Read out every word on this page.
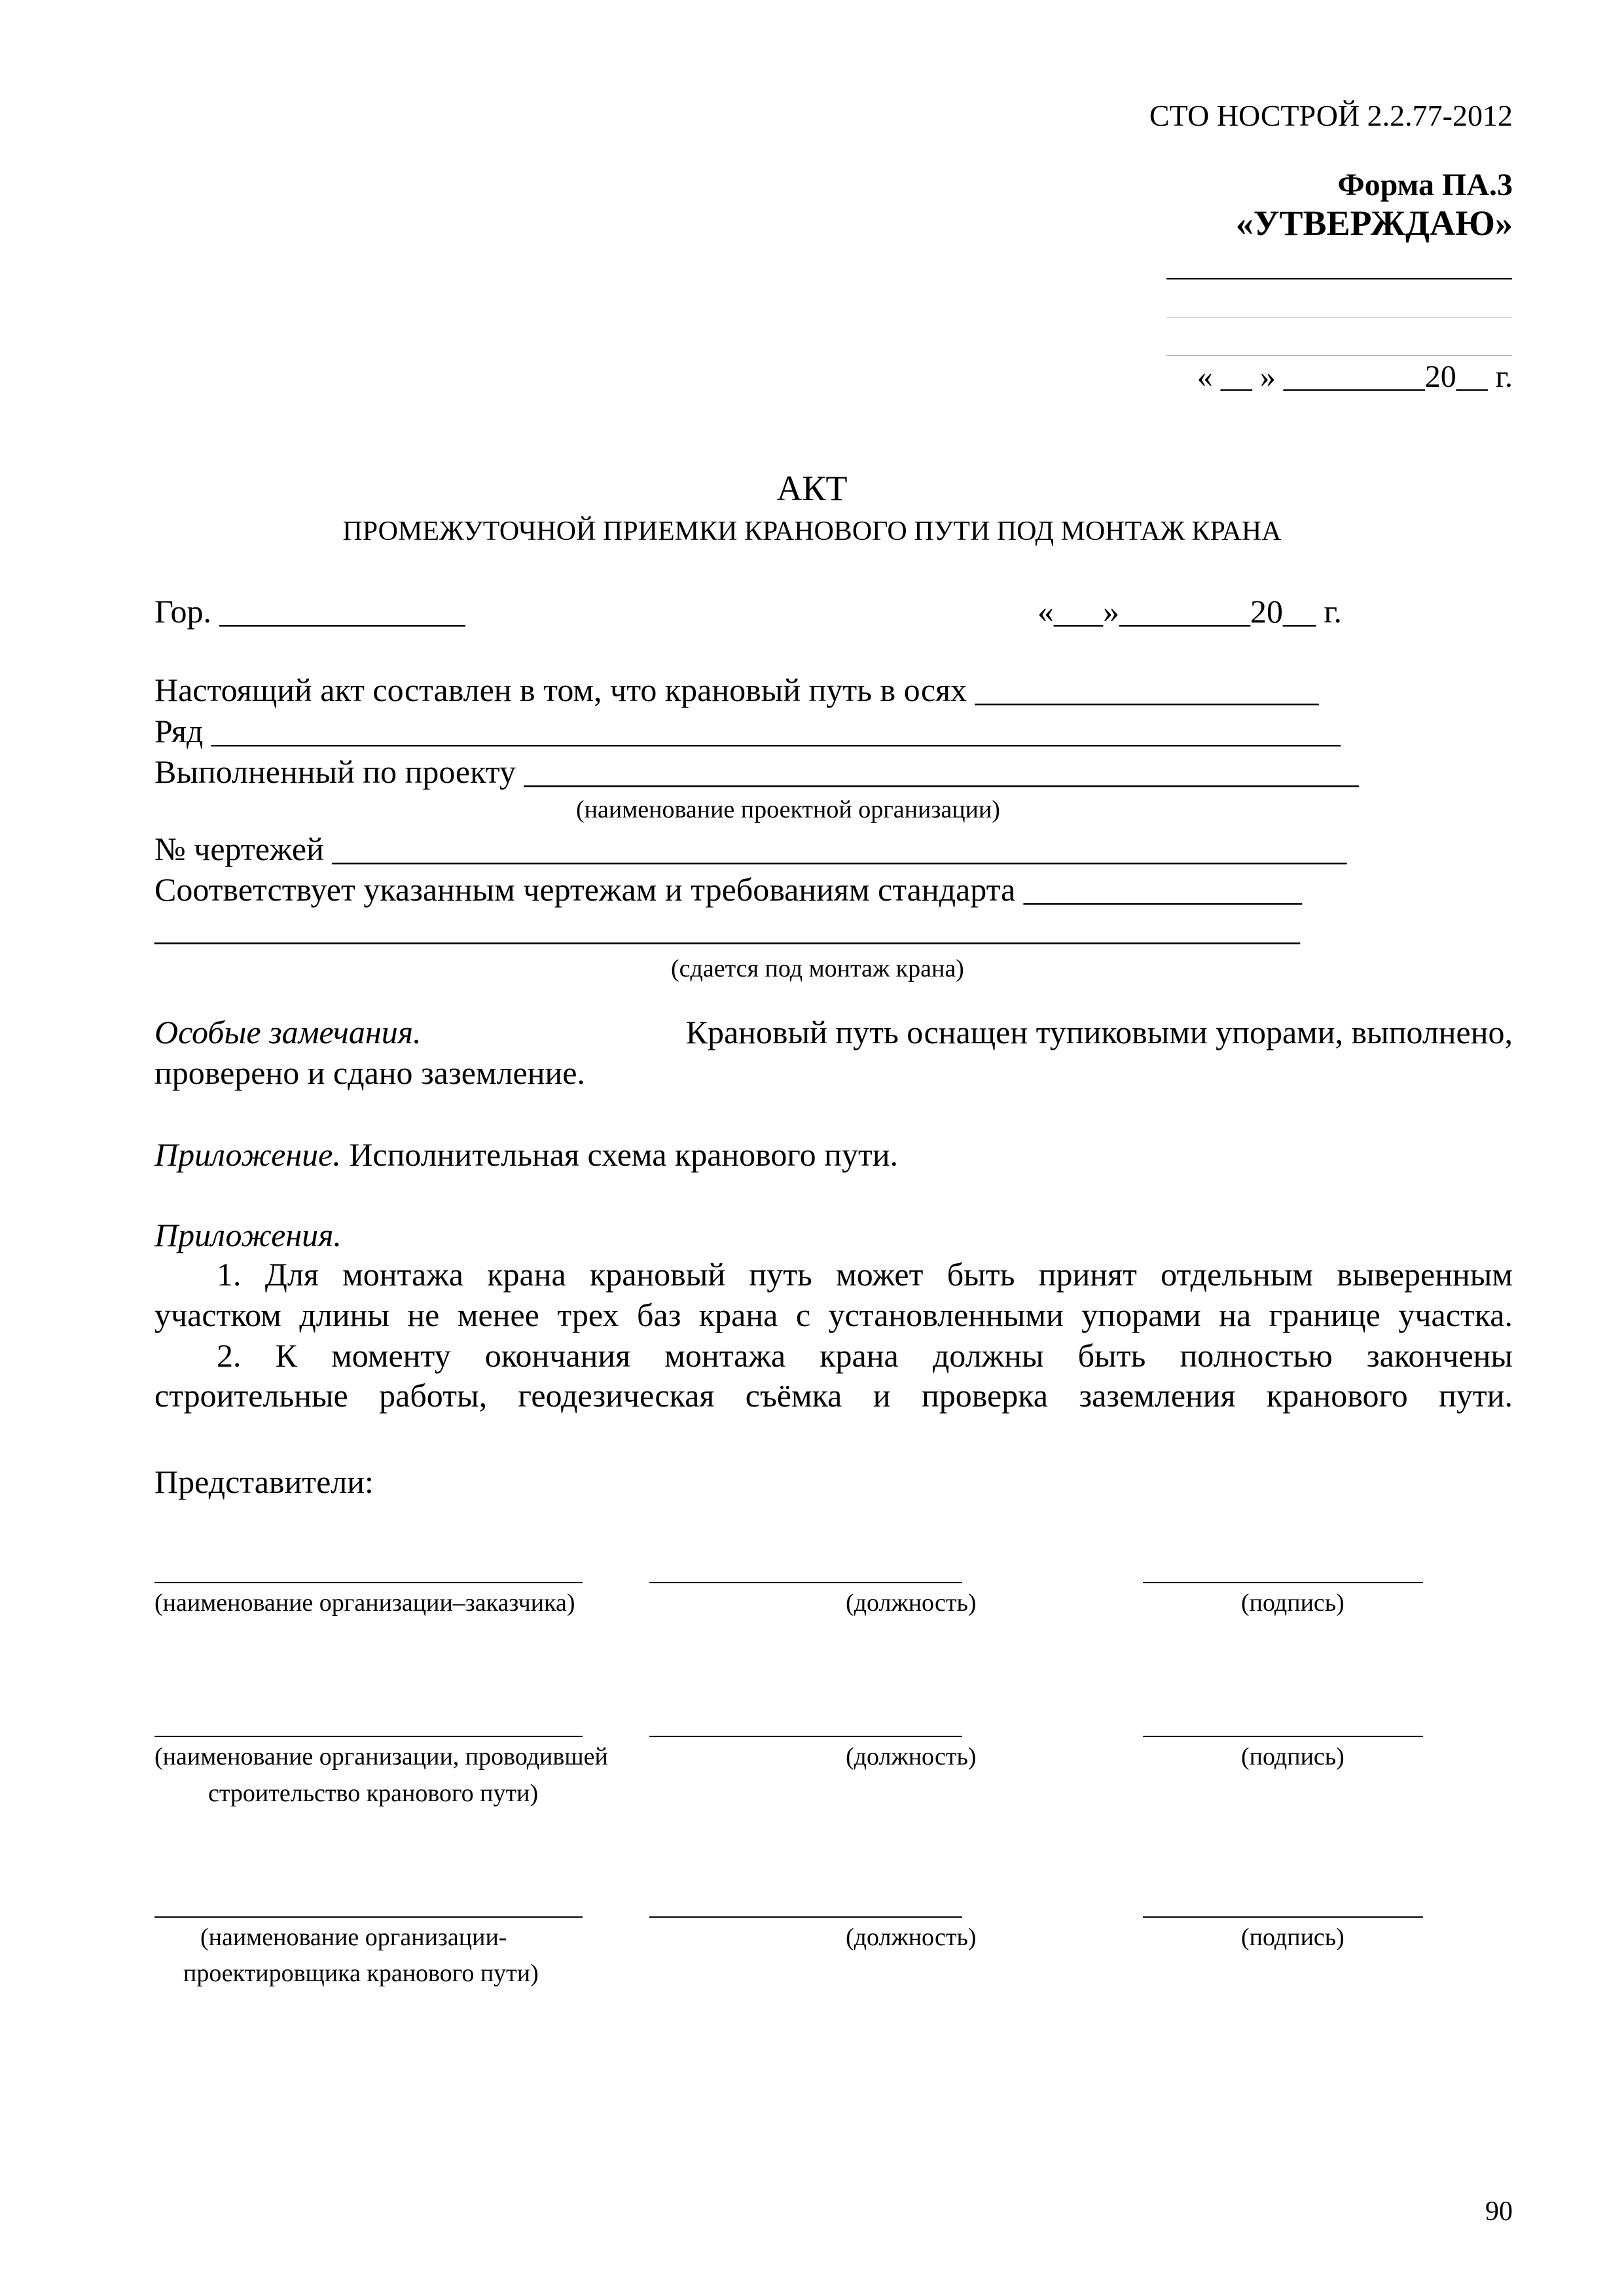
СТО НОСТРОЙ 2.2.77-2012
Форма ПА.3
«УТВЕРЖДАЮ»
« __ » _________20__ г.
АКТ
ПРОМЕЖУТОЧНОЙ ПРИЕМКИ КРАНОВОГО ПУТИ ПОД МОНТАЖ КРАНА
Гор. _______________	«___»________20__ г.
Настоящий акт составлен в том, что крановый путь в осях _____________________
Ряд _____________________________________________________________________
Выполненный по проекту ___________________________________________________
(наименование проектной организации)
№ чертежей ______________________________________________________________
Соответствует указанным чертежам и требованиям стандарта _________________
______________________________________________________________________
(сдается под монтаж крана)
Особые замечания.	Крановый путь оснащен тупиковыми упорами, выполнено,
проверено и сдано заземление.
Приложение. Исполнительная схема кранового пути.
Приложения.
1. Для монтажа крана крановый путь может быть принят отдельным выверенным
участком длины не менее трех баз крана с установленными упорами на границе участка.
2. К моменту окончания монтажа крана должны быть полностью закончены
строительные работы, геодезическая съёмка и проверка заземления кранового пути.
Представители:
(наименование организации–заказчика)	(должность)	(подпись)
(наименование организации, проводившей
строительство кранового пути)
(должность)	(подпись)
(наименование организации-
проектировщика кранового пути)
(должность)	(подпись)
90
